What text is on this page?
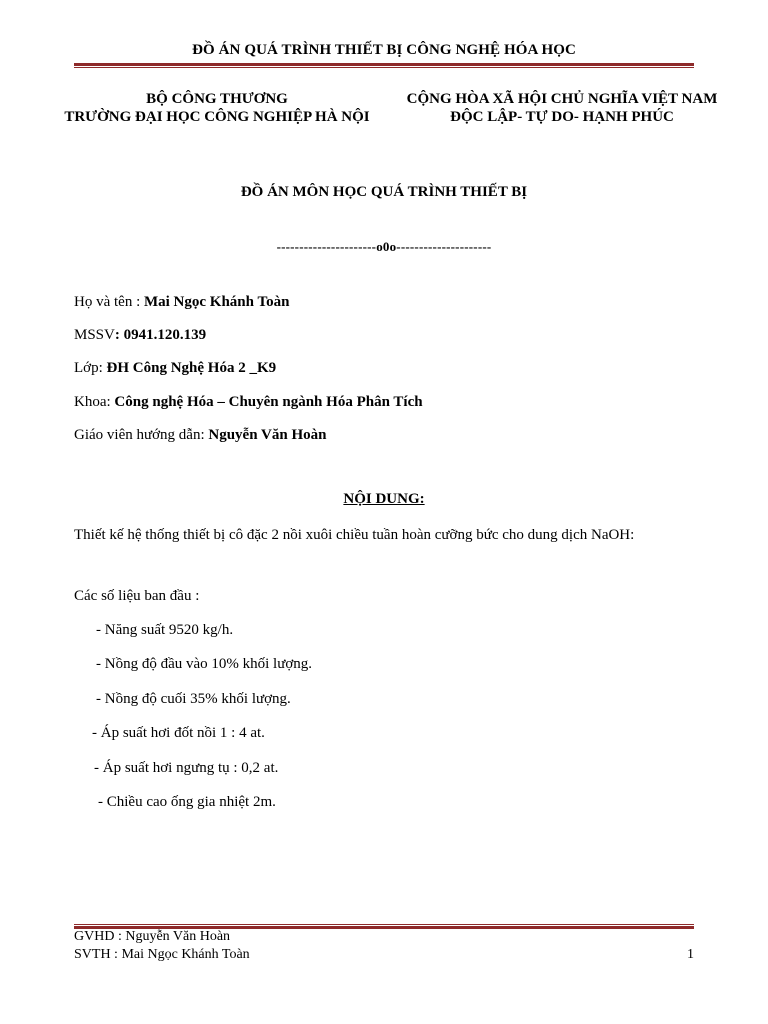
ĐỒ ÁN QUÁ TRÌNH THIẾT BỊ CÔNG NGHỆ HÓA HỌC
BỘ CÔNG THƯƠNG
TRƯỜNG ĐẠI HỌC CÔNG NGHIỆP HÀ NỘI
CỘNG HÒA XÃ HỘI CHỦ NGHĨA VIỆT NAM
ĐỘC LẬP- TỰ DO- HẠNH PHÚC
ĐỒ ÁN MÔN HỌC QUÁ TRÌNH THIẾT BỊ
----------------------o0o---------------------
Họ và tên : Mai Ngọc Khánh Toàn
MSSV: 0941.120.139
Lớp: ĐH Công Nghệ Hóa 2 _K9
Khoa: Công nghệ Hóa – Chuyên ngành Hóa Phân Tích
Giáo viên hướng dẫn: Nguyễn Văn Hoàn
NỘI DUNG:
Thiết kế hệ thống thiết bị cô đặc 2 nồi xuôi chiều tuần hoàn cưỡng bức cho dung dịch NaOH:
Các số liệu ban đầu :
- Năng suất 9520 kg/h.
- Nồng độ đầu vào 10% khối lượng.
- Nồng độ cuối 35% khối lượng.
- Áp suất hơi đốt nồi 1 : 4 at.
- Áp suất hơi ngưng tụ : 0,2 at.
- Chiều cao ống gia nhiệt 2m.
GVHD : Nguyễn Văn Hoàn
SVTH : Mai Ngọc Khánh Toàn	1
